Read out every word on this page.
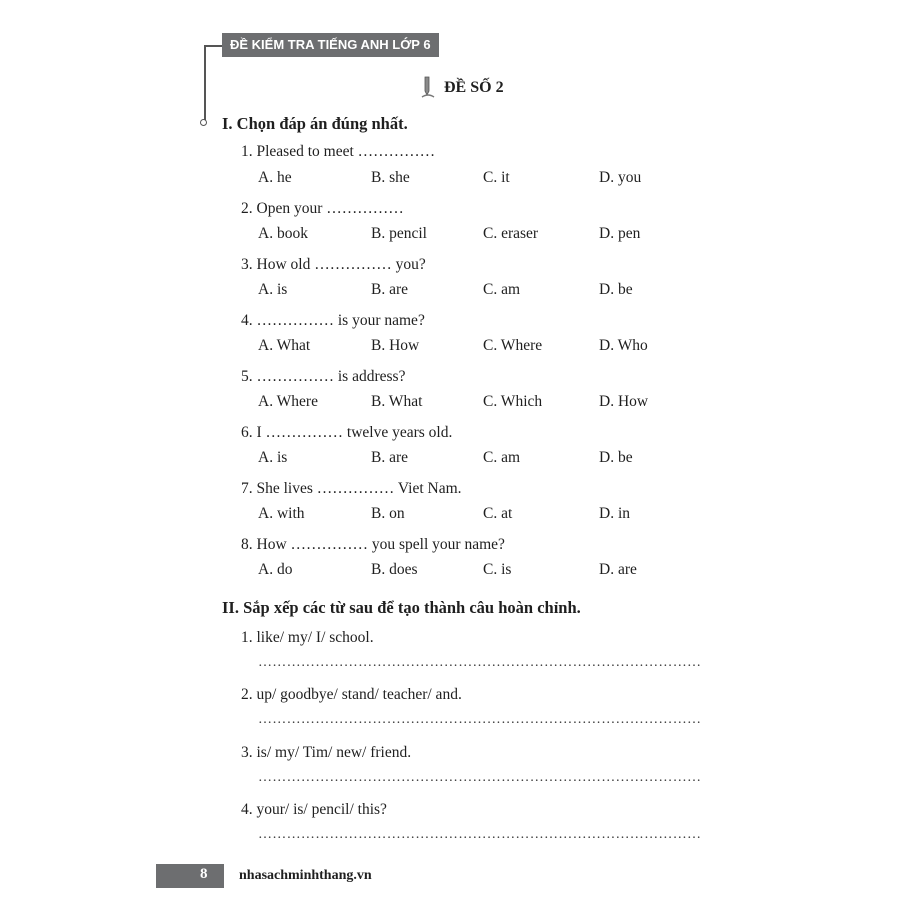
ĐỀ KIỂM TRA TIẾNG ANH LỚP 6
ĐỀ SỐ 2
I. Chọn đáp án đúng nhất.
1. Pleased to meet ……………
A. he	B. she	C. it	D. you
2. Open your ……………
A. book	B. pencil	C. eraser	D. pen
3. How old …………… you?
A. is	B. are	C. am	D. be
4. …………… is your name?
A. What	B. How	C. Where	D. Who
5. …………… is address?
A. Where	B. What	C. Which	D. How
6. I …………… twelve years old.
A. is	B. are	C. am	D. be
7. She lives …………… Viet Nam.
A. with	B. on	C. at	D. in
8. How …………… you spell your name?
A. do	B. does	C. is	D. are
II. Sắp xếp các từ sau để tạo thành câu hoàn chỉnh.
1. like/ my/ I/ school.
…………………………………………………………………………………
2. up/ goodbye/ stand/ teacher/ and.
…………………………………………………………………………………
3. is/ my/ Tim/ new/ friend.
…………………………………………………………………………………
4. your/ is/ pencil/ this?
…………………………………………………………………………………
8 nhasachminhthang.vn
